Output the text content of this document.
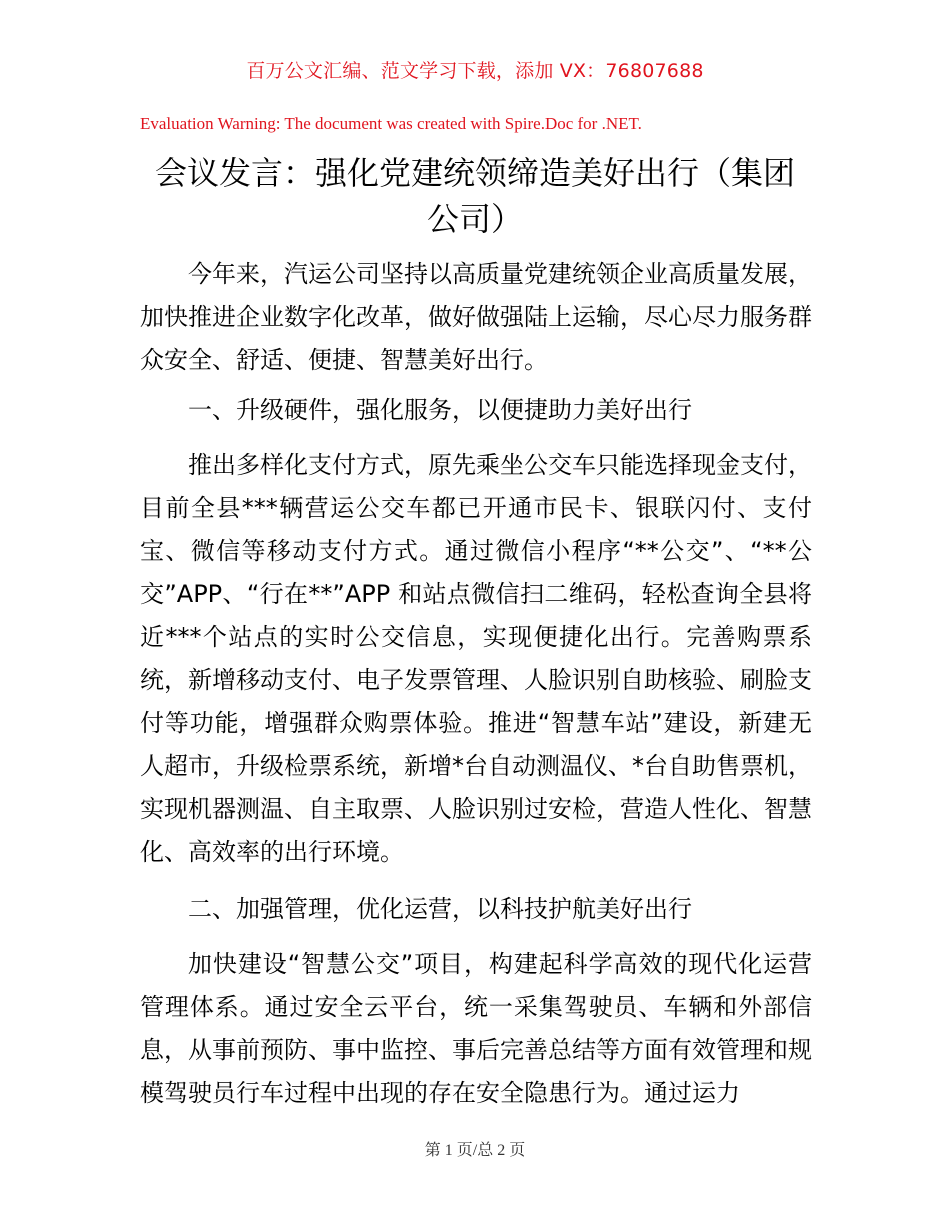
百万公文汇编、范文学习下载，添加 VX：76807688
Evaluation Warning: The document was created with Spire.Doc for .NET.
会议发言：强化党建统领缔造美好出行（集团公司）

今年来，汽运公司坚持以高质量党建统领企业高质量发展，加快推进企业数字化改革，做好做强陆上运输，尽心尽力服务群众安全、舒适、便捷、智慧美好出行。

一、升级硬件，强化服务，以便捷助力美好出行

推出多样化支付方式，原先乘坐公交车只能选择现金支付，目前全县***辆营运公交车都已开通市民卡、银联闪付、支付宝、微信等移动支付方式。通过微信小程序“**公交”、“**公交”APP、“行在**”APP 和站点微信扫二维码，轻松查询全县将近***个站点的实时公交信息，实现便捷化出行。完善购票系统，新增移动支付、电子发票管理、人脸识别自助核验、刷脸支付等功能，增强群众购票体验。推进“智慧车站”建设，新建无人超市，升级检票系统，新增*台自动测温仪、*台自助售票机，实现机器测温、自主取票、人脸识别过安检，营造人性化、智慧化、高效率的出行环境。

二、加强管理，优化运营，以科技护航美好出行

加快建设“智慧公交”项目，构建起科学高效的现代化运营管理体系。通过安全云平台，统一采集驾驶员、车辆和外部信息，从事前预防、事中监控、事后完善总结等方面有效管理和规模驾驶员行车过程中出现的存在安全隐患行为。通过运力

第 1 页/总 2 页
